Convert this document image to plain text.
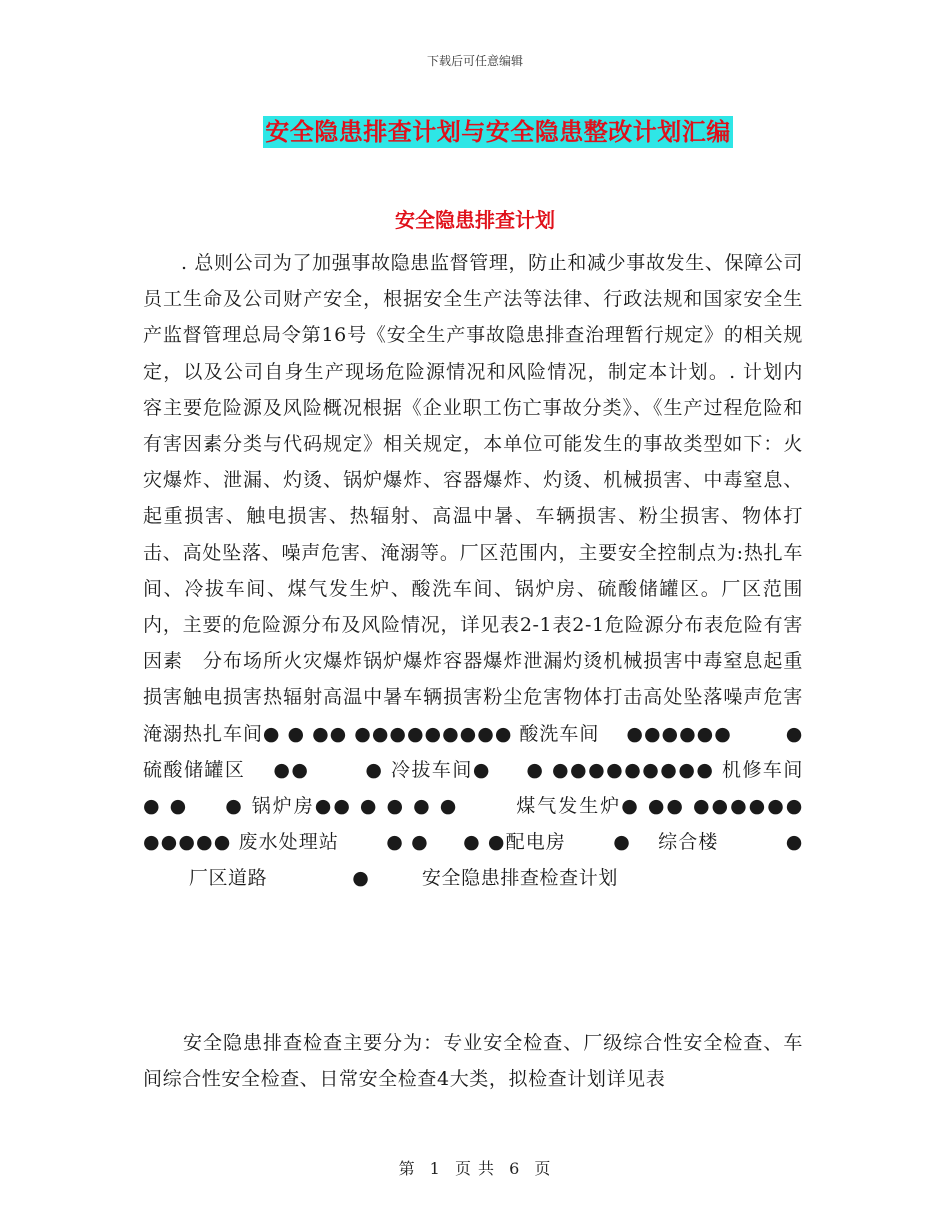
下载后可任意编辑
安全隐患排查计划与安全隐患整改计划汇编
安全隐患排查计划
. 总则公司为了加强事故隐患监督管理，防止和减少事故发生、保障公司员工生命及公司财产安全，根据安全生产法等法律、行政法规和国家安全生产监督管理总局令第16号《安全生产事故隐患排查治理暂行规定》的相关规定，以及公司自身生产现场危险源情况和风险情况，制定本计划。. 计划内容主要危险源及风险概况根据《企业职工伤亡事故分类》、《生产过程危险和有害因素分类与代码规定》相关规定，本单位可能发生的事故类型如下：火灾爆炸、泄漏、灼烫、锅炉爆炸、容器爆炸、灼烫、机械损害、中毒窒息、起重损害、触电损害、热辐射、高温中暑、车辆损害、粉尘损害、物体打击、高处坠落、噪声危害、淹溺等。厂区范围内，主要安全控制点为:热扎车间、冷拔车间、煤气发生炉、酸洗车间、锅炉房、硫酸储罐区。厂区范围内，主要的危险源分布及风险情况，详见表2-1表2-1危险源分布表危险有害因素　分布场所火灾爆炸锅炉爆炸容器爆炸泄漏灼烫机械损害中毒窒息起重损害触电损害热辐射高温中暑车辆损害粉尘危害物体打击高处坠落噪声危害淹溺热扎车间● ● ●● ●●●●●●●●● 酸洗车间　 ●●●●●● 　　 ●硫酸储罐区　 ●● 　　 ● 冷拔车间● 　 ● ●●●●●●●●● 机修车间　　 ● ● 　 ● 锅炉房●● ● ● ● ● 　　 煤气发生炉● ●● ●●●●●● ●●●●● 废水处理站　　 ● ● 　 ● ●配电房　　 ● 　综合楼　　　 ● 　　 厂区道路　　　　 ● 　　 安全隐患排查检查计划
安全隐患排查检查主要分为：专业安全检查、厂级综合性安全检查、车间综合性安全检查、日常安全检查4大类，拟检查计划详见表
第 1 页 共 6 页
